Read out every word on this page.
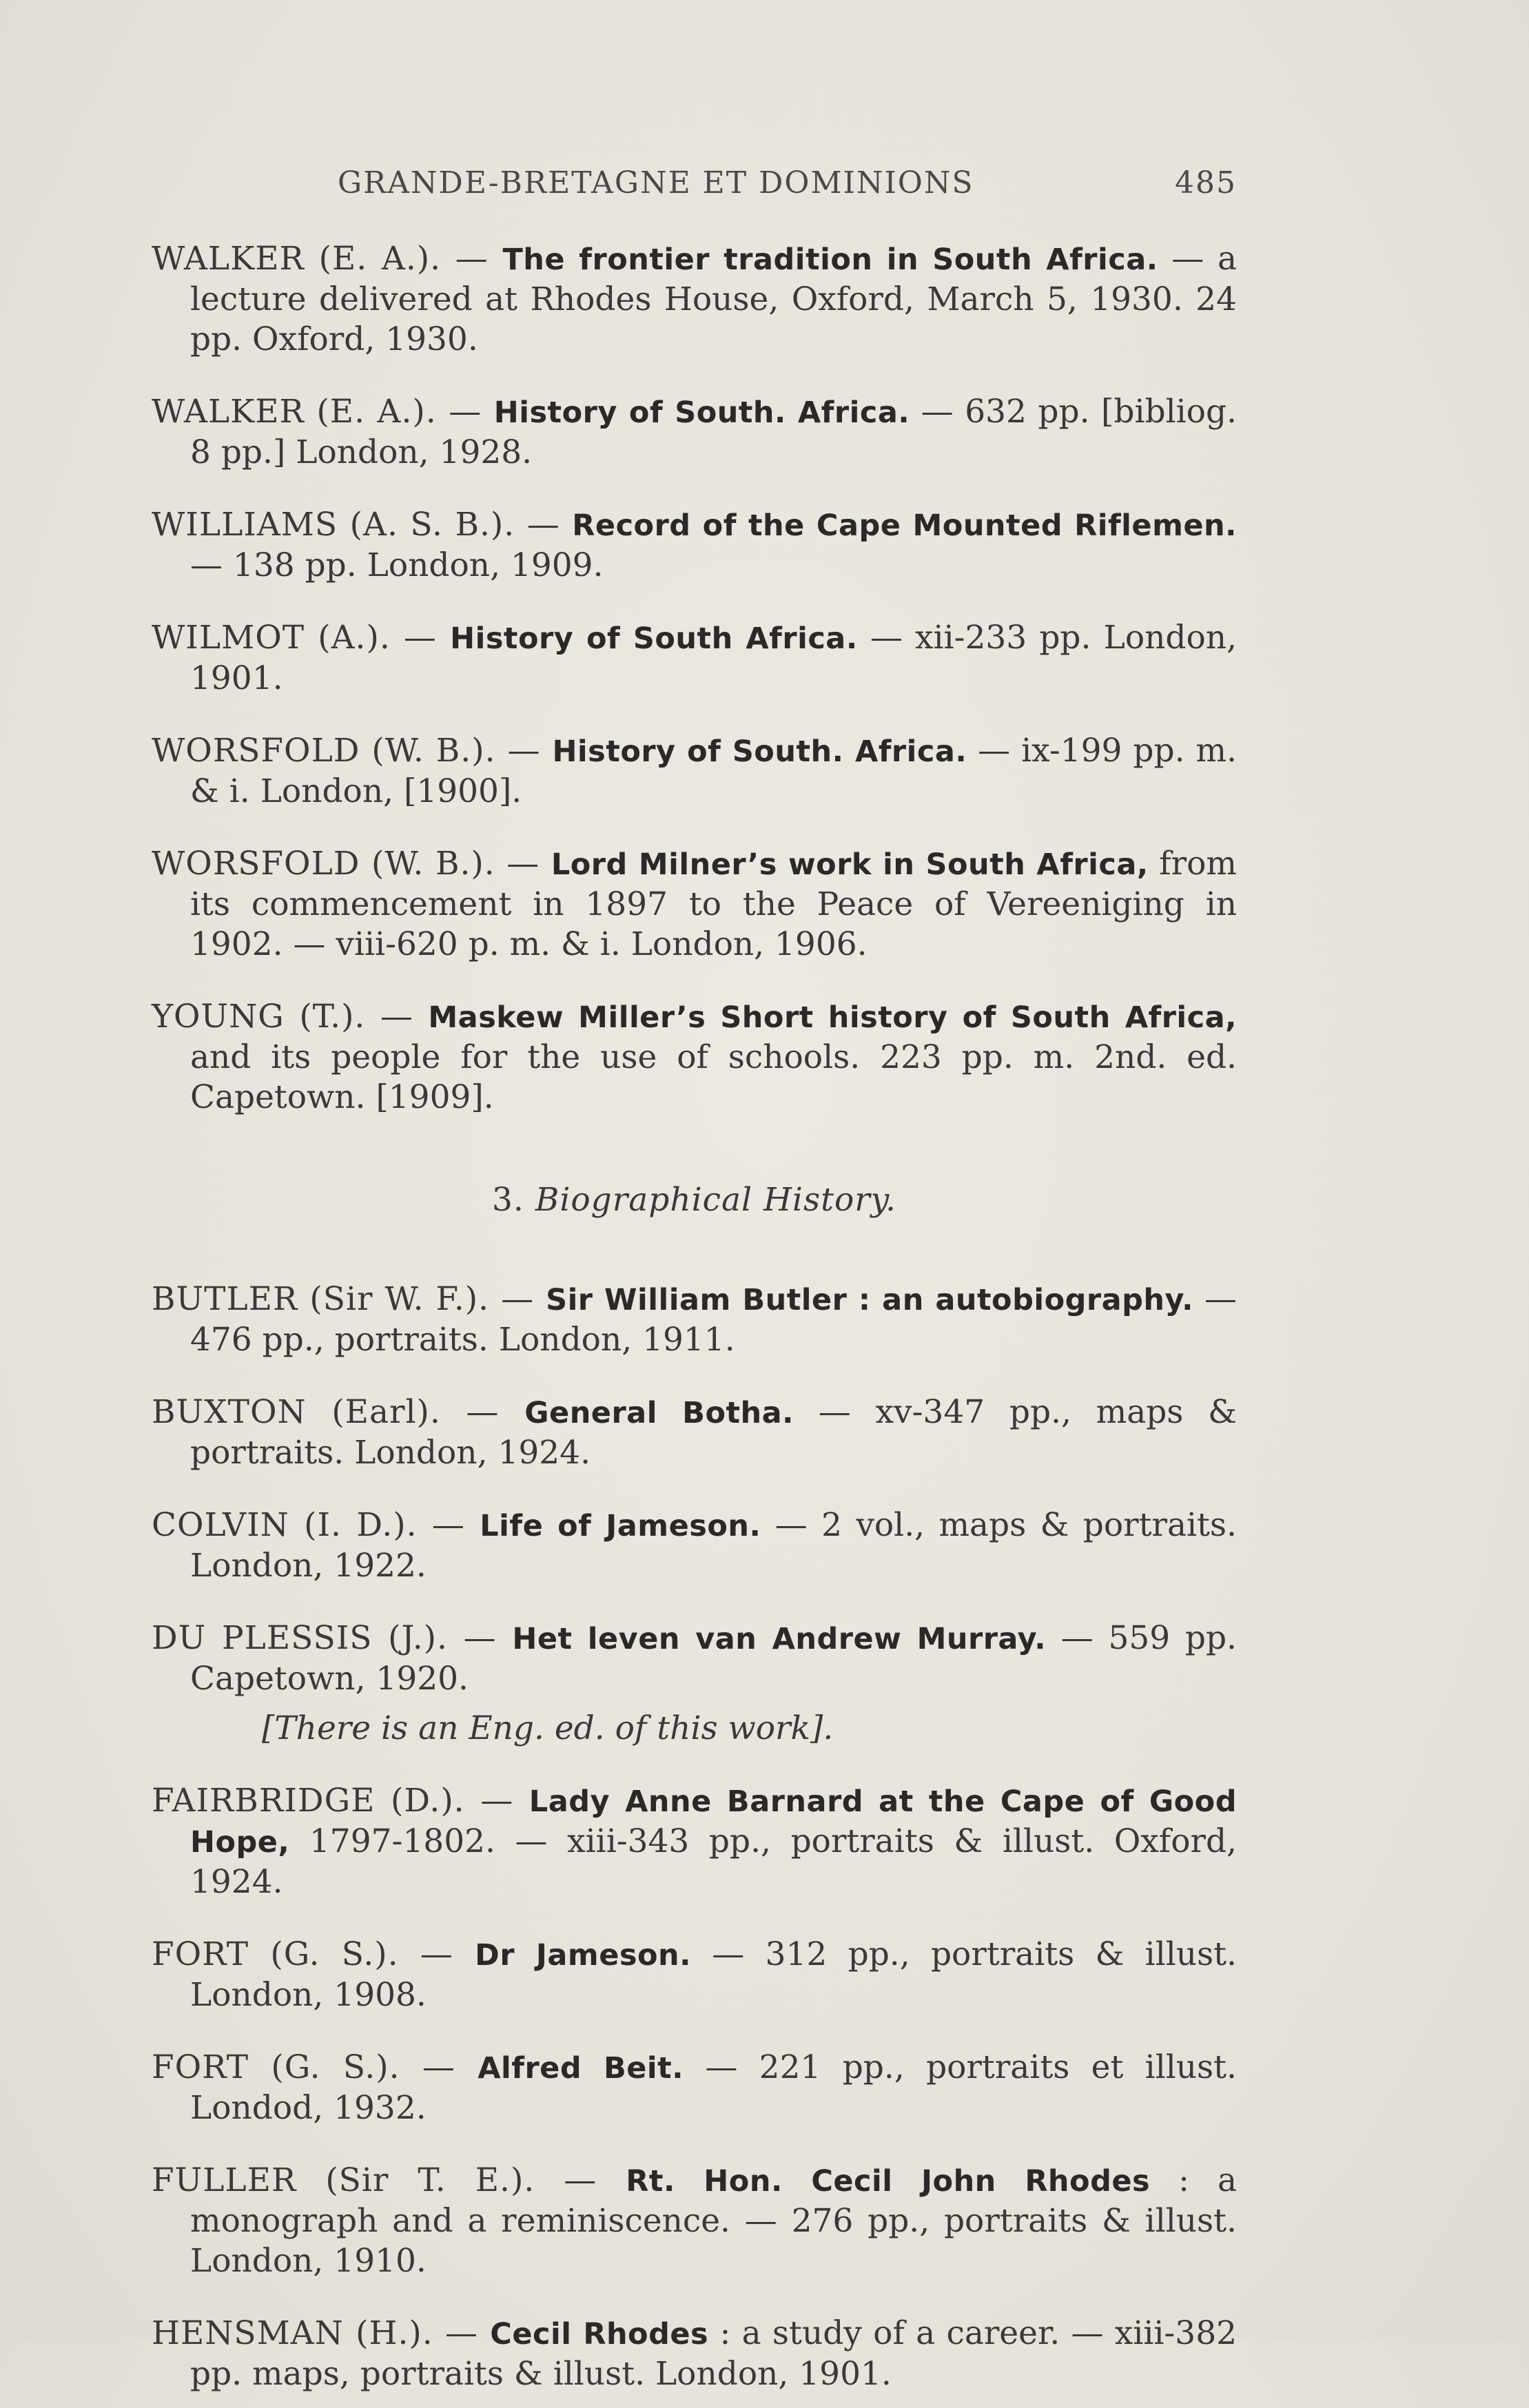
GRANDE-BRETAGNE ET DOMINIONS	485

WALKER (E. A.). — The frontier tradition in South Africa. — a lecture delivered at Rhodes House, Oxford, March 5, 1930. 24 pp. Oxford, 1930.

WALKER (E. A.). — History of South. Africa. — 632 pp. [bibliog. 8 pp.] London, 1928.

WILLIAMS (A. S. B.). — Record of the Cape Mounted Riflemen. — 138 pp. London, 1909.

WILMOT (A.). — History of South Africa. — xii-233 pp. London, 1901.

WORSFOLD (W. B.). — History of South. Africa. — ix-199 pp. m. & i. London, [1900].

WORSFOLD (W. B.). — Lord Milner’s work in South Africa, from its commencement in 1897 to the Peace of Vereeniging in 1902. — viii-620 p. m. & i. London, 1906.

YOUNG (T.). — Maskew Miller’s Short history of South Africa, and its people for the use of schools. 223 pp. m. 2nd. ed. Capetown. [1909].

3. Biographical History.

BUTLER (Sir W. F.). — Sir William Butler : an autobiography. — 476 pp., portraits. London, 1911.

BUXTON (Earl). — General Botha. — xv-347 pp., maps & portraits. London, 1924.

COLVIN (I. D.). — Life of Jameson. — 2 vol., maps & portraits. London, 1922.

DU PLESSIS (J.). — Het leven van Andrew Murray. — 559 pp. Capetown, 1920.

[There is an Eng. ed. of this work].

FAIRBRIDGE (D.). — Lady Anne Barnard at the Cape of Good Hope, 1797-1802. — xiii-343 pp., portraits & illust. Oxford, 1924.

FORT (G. S.). — Dr Jameson. — 312 pp., portraits & illust. London, 1908.

FORT (G. S.). — Alfred Beit. — 221 pp., portraits et illust. Londod, 1932.

FULLER (Sir T. E.). — Rt. Hon. Cecil John Rhodes : a monograph and a reminiscence. — 276 pp., portraits & illust. London, 1910.

HENSMAN (H.). — Cecil Rhodes : a study of a career. — xiii-382 pp. maps, portraits & illust. London, 1901.
